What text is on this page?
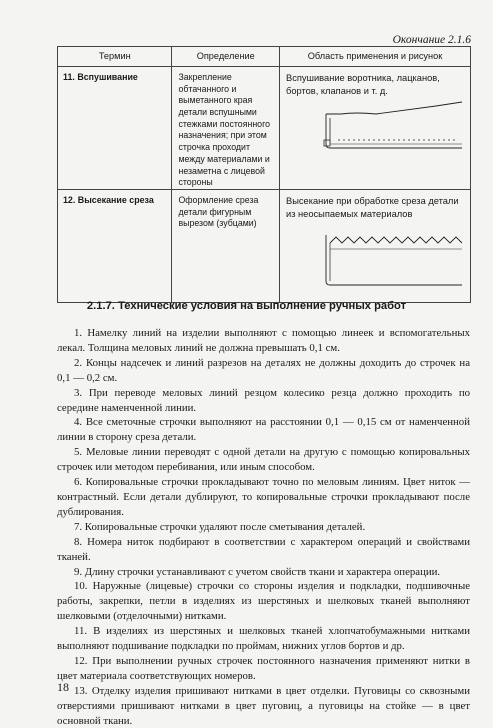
Окончание 2.1.6
Термин	Определение	Область применения и рисунок
11. Вспушивание	Закрепление обтачанного и выметанного края детали вспушными стежками постоянного назначения; при этом строчка проходит между материалами и незаметна с лицевой стороны	Вспушивание воротника, лацканов, бортов, клапанов и т. д.

12. Высекание среза	Оформление среза детали фигурным вырезом (зубцами)	Высекание при обработке среза детали из неосыпаемых материалов
2.1.7. Технические условия на выполнение ручных работ

1. Намелку линий на изделии выполняют с помощью линеек и вспомогательных лекал. Толщина меловых линий не должна превышать 0,1 см.

2. Концы надсечек и линий разрезов на деталях не должны доходить до строчек на 0,1 — 0,2 см.

3. При переводе меловых линий резцом колесико резца должно проходить по середине наменченной линии.

4. Все сметочные строчки выполняют на расстоянии 0,1 — 0,15 см от наменченной линии в сторону среза детали.

5. Меловые линии переводят с одной детали на другую с помощью копировальных строчек или методом перебивания, или иным способом.

6. Копировальные строчки прокладывают точно по меловым линиям. Цвет ниток — контрастный. Если детали дублируют, то копировальные строчки прокладывают после дублирования.

7. Копировальные строчки удаляют после сметывания деталей.

8. Номера ниток подбирают в соответствии с характером операций и свойствами тканей.

9. Длину строчки устанавливают с учетом свойств ткани и характера операции.

10. Наружные (лицевые) строчки со стороны изделия и подкладки, подшивочные работы, закрепки, петли в изделиях из шерстяных и шелковых тканей выполняют шелковыми (отделочными) нитками.

11. В изделиях из шерстяных и шелковых тканей хлопчатобумажными нитками выполняют подшивание подкладки по проймам, нижних углов бортов и др.

12. При выполнении ручных строчек постоянного назначения применяют нитки в цвет материала соответствующих номеров.

13. Отделку изделия пришивают нитками в цвет отделки. Пуговицы со сквозными отверстиями пришивают нитками в цвет пуговиц, а пуговицы на стойке — в цвет основной ткани.

18
